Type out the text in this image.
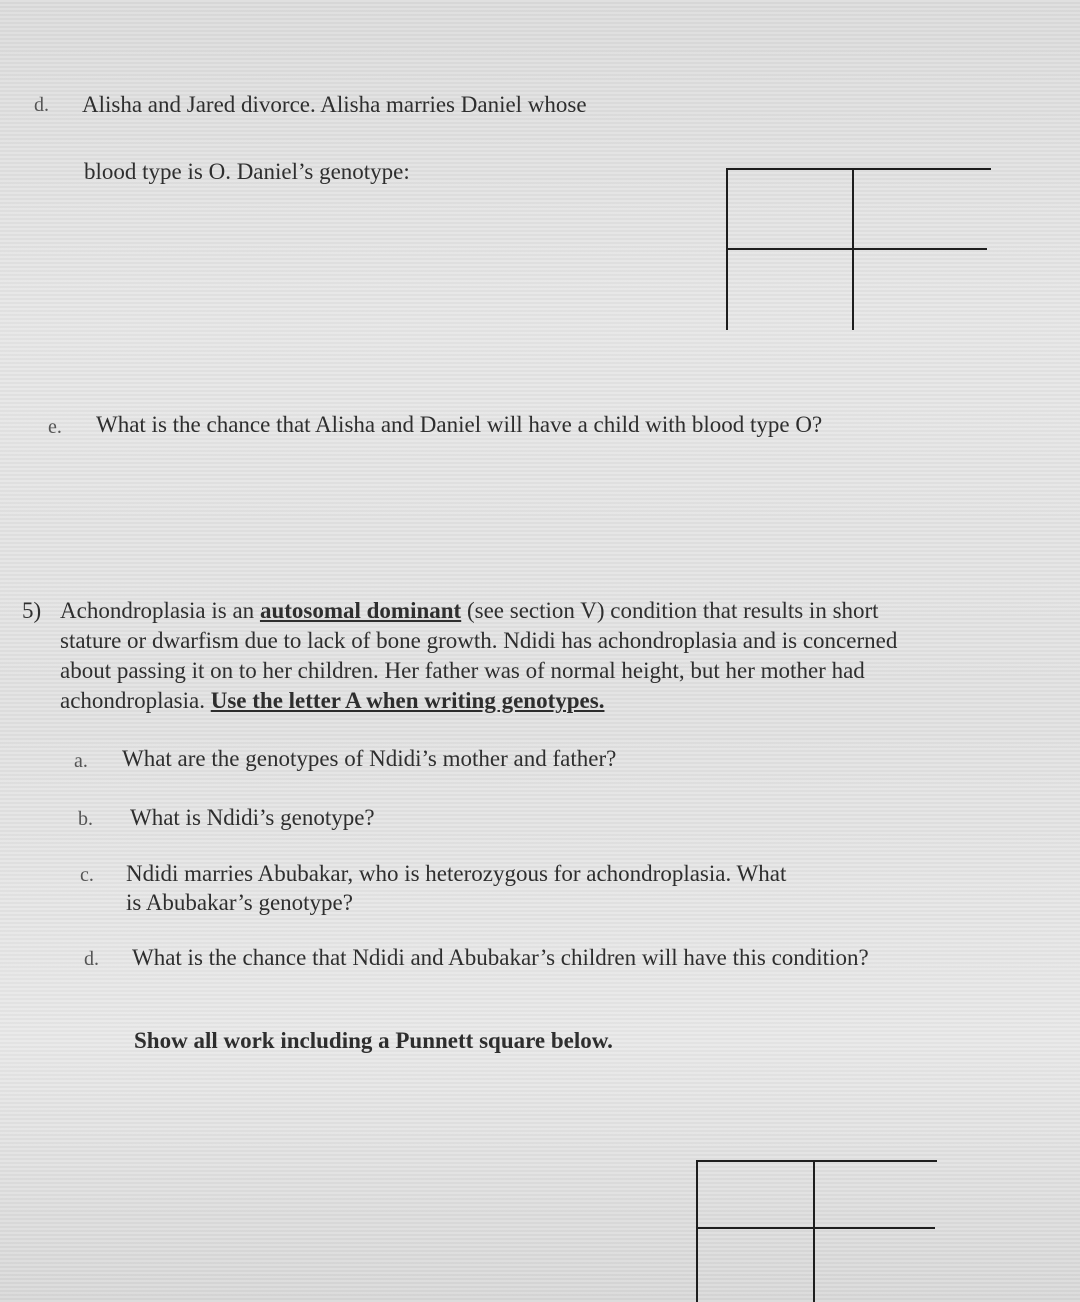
d. Alisha and Jared divorce. Alisha marries Daniel whose
blood type is O. Daniel’s genotype:
e. What is the chance that Alisha and Daniel will have a child with blood type O?
5) Achondroplasia is an autosomal dominant (see section V) condition that results in short
stature or dwarfism due to lack of bone growth. Ndidi has achondroplasia and is concerned
about passing it on to her children. Her father was of normal height, but her mother had
achondroplasia. Use the letter A when writing genotypes.
a. What are the genotypes of Ndidi’s mother and father?
b. What is Ndidi’s genotype?
c. Ndidi marries Abubakar, who is heterozygous for achondroplasia. What
is Abubakar’s genotype?
d. What is the chance that Ndidi and Abubakar’s children will have this condition?
Show all work including a Punnett square below.
